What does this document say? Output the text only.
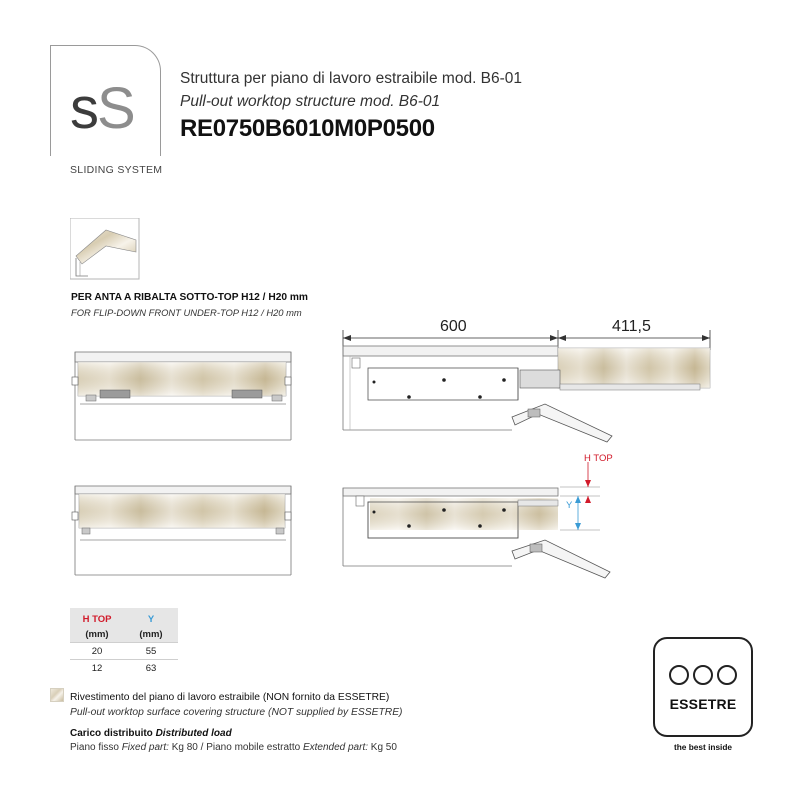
sS
SLIDING SYSTEM
Struttura per piano di lavoro estraibile mod. B6-01
Pull-out worktop structure mod. B6-01
RE0750B6010M0P0500
PER ANTA A RIBALTA SOTTO-TOP H12 / H20 mm
FOR FLIP-DOWN FRONT UNDER-TOP H12 / H20 mm
600	411,5
H TOP
Y
H TOP	Y
(mm)	(mm)
20	55
12	63
Rivestimento del piano di lavoro estraibile (NON fornito da ESSETRE)
Pull-out worktop surface covering structure (NOT supplied by ESSETRE)
Carico distribuito Distributed load
Piano fisso Fixed part: Kg 80 / Piano mobile estratto Extended part: Kg 50
ESSETRE
the best inside
